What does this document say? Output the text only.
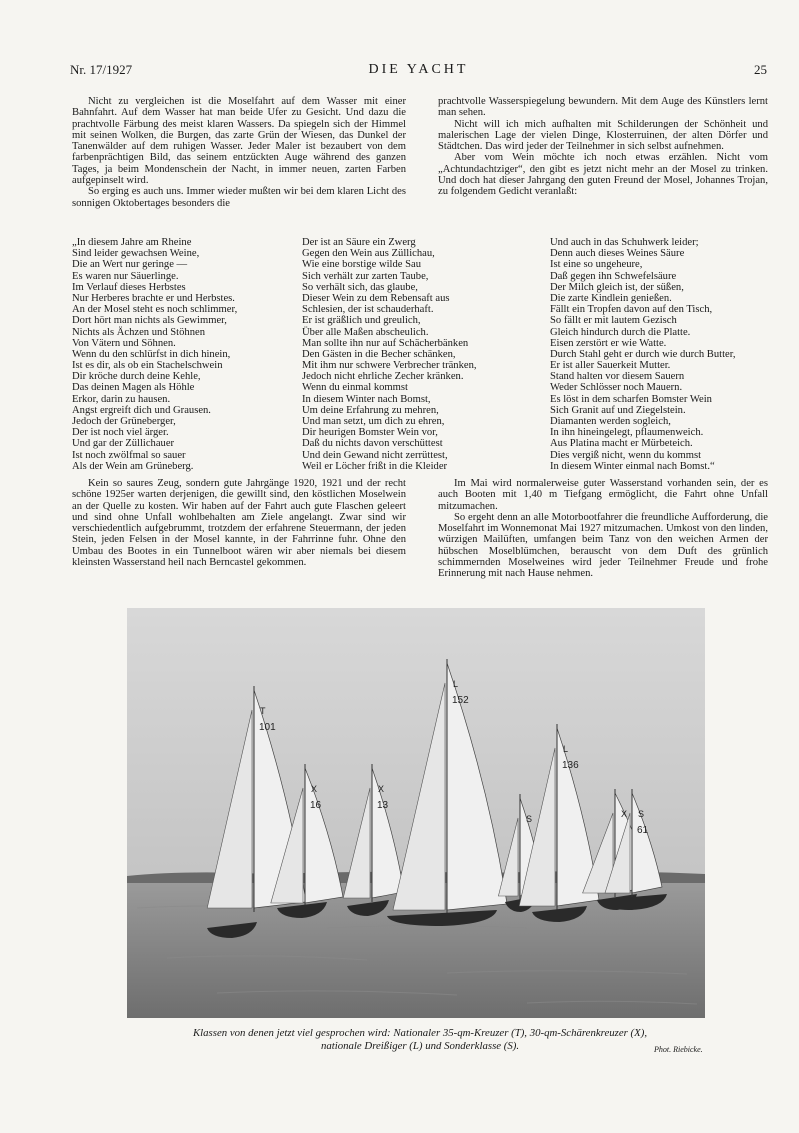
Nr. 17/1927	DIE YACHT	25

Nicht zu vergleichen ist die Moselfahrt auf dem Wasser mit einer Bahnfahrt. Auf dem Wasser hat man beide Ufer zu Gesicht. Und dazu die prachtvolle Färbung des meist klaren Wassers. Da spiegeln sich der Himmel mit seinen Wolken, die Burgen, das zarte Grün der Wiesen, das Dunkel der Tanenwälder auf dem ruhigen Wasser. Jeder Maler ist bezaubert von dem farbenprächtigen Bild, das seinem entzückten Auge während des ganzen Tages, ja beim Mondenschein der Nacht, in immer neuen, zarten Farben aufgepinselt wird.

So erging es auch uns. Immer wieder mußten wir bei dem klaren Licht des sonnigen Oktobertages besonders die

prachtvolle Wasserspiegelung bewundern. Mit dem Auge des Künstlers lernt man sehen.

Nicht will ich mich aufhalten mit Schilderungen der Schönheit und malerischen Lage der vielen Dinge, Klosterruinen, der alten Dörfer und Städtchen. Das wird jeder der Teilnehmer in sich selbst aufnehmen.

Aber vom Wein möchte ich noch etwas erzählen. Nicht vom „Achtundachtziger“, den gibt es jetzt nicht mehr an der Mosel zu trinken. Und doch hat dieser Jahrgang den guten Freund der Mosel, Johannes Trojan, zu folgendem Gedicht veranlaßt:

„In diesem Jahre am Rheine
Sind leider gewachsen Weine,
Die an Wert nur geringe —
Es waren nur Säuerlinge.
Im Verlauf dieses Herbstes
Nur Herberes brachte er und Herbstes.
An der Mosel steht es noch schlimmer,
Dort hört man nichts als Gewimmer,
Nichts als Ächzen und Stöhnen
Von Vätern und Söhnen.
Wenn du den schlürfst in dich hinein,
Ist es dir, als ob ein Stachelschwein
Dir kröche durch deine Kehle,
Das deinen Magen als Höhle
Erkor, darin zu hausen.
Angst ergreift dich und Grausen.
Jedoch der Grüneberger,
Der ist noch viel ärger.
Und gar der Züllichauer
Ist noch zwölfmal so sauer
Als der Wein am Grüneberg.
Der ist an Säure ein Zwerg
Gegen den Wein aus Züllichau,
Wie eine borstige wilde Sau
Sich verhält zur zarten Taube,
So verhält sich, das glaube,
Dieser Wein zu dem Rebensaft aus
Schlesien, der ist schauderhaft.
Er ist gräßlich und greulich,
Über alle Maßen abscheulich.
Man sollte ihn nur auf Schächerbänken
Den Gästen in die Becher schänken,
Mit ihm nur schwere Verbrecher tränken,
Jedoch nicht ehrliche Zecher kränken.
Wenn du einmal kommst
In diesem Winter nach Bomst,
Um deine Erfahrung zu mehren,
Und man setzt, um dich zu ehren,
Dir heurigen Bomster Wein vor,
Daß du nichts davon verschüttest
Und dein Gewand nicht zerrüttest,
Weil er Löcher frißt in die Kleider
Und auch in das Schuhwerk leider;
Denn auch dieses Weines Säure
Ist eine so ungeheure,
Daß gegen ihn Schwefelsäure
Der Milch gleich ist, der süßen,
Die zarte Kindlein genießen.
Fällt ein Tropfen davon auf den Tisch,
So fällt er mit lautem Gezisch
Gleich hindurch durch die Platte.
Eisen zerstört er wie Watte.
Durch Stahl geht er durch wie durch Butter,
Er ist aller Sauerkeit Mutter.
Stand halten vor diesem Sauern
Weder Schlösser noch Mauern.
Es löst in dem scharfen Bomster Wein
Sich Granit auf und Ziegelstein.
Diamanten werden sogleich,
In ihn hineingelegt, pflaumenweich.
Aus Platina macht er Mürbeteich.
Dies vergiß nicht, wenn du kommst
In diesem Winter einmal nach Bomst.“

Kein so saures Zeug, sondern gute Jahrgänge 1920, 1921 und der recht schöne 1925er warten derjenigen, die gewillt sind, den köstlichen Moselwein an der Quelle zu kosten. Wir haben auf der Fahrt auch gute Flaschen geleert und sind ohne Unfall wohlbehalten am Ziele angelangt. Zwar sind wir verschiedentlich aufgebrummt, trotzdem der erfahrene Steuermann, der jeden Stein, jeden Felsen in der Mosel kannte, in der Fahrrinne fuhr. Ohne den Umbau des Bootes in ein Tunnelboot wären wir aber niemals bei diesem kleinsten Wasserstand heil nach Berncastel gekommen.

Im Mai wird normalerweise guter Wasserstand vorhanden sein, der es auch Booten mit 1,40 m Tiefgang ermöglicht, die Fahrt ohne Unfall mitzumachen.

So ergeht denn an alle Motorbootfahrer die freundliche Aufforderung, die Moselfahrt im Wonnemonat Mai 1927 mitzumachen. Umkost von den linden, würzigen Mailüften, umfangen beim Tanz von den weichen Armen der hübschen Moselblümchen, berauscht von dem Duft des grünlich schimmernden Moselweines wird jeder Teilnehmer Freude und frohe Erinnerung mit nach Hause nehmen.

T
101
X
16
X
13
L
152
S
L
136
X S
61
Klassen von denen jetzt viel gesprochen wird: Nationaler 35-qm-Kreuzer (T), 30-qm-Schärenkreuzer (X),
nationale Dreißiger (L) und Sonderklasse (S).	Phot. Riebicke.
